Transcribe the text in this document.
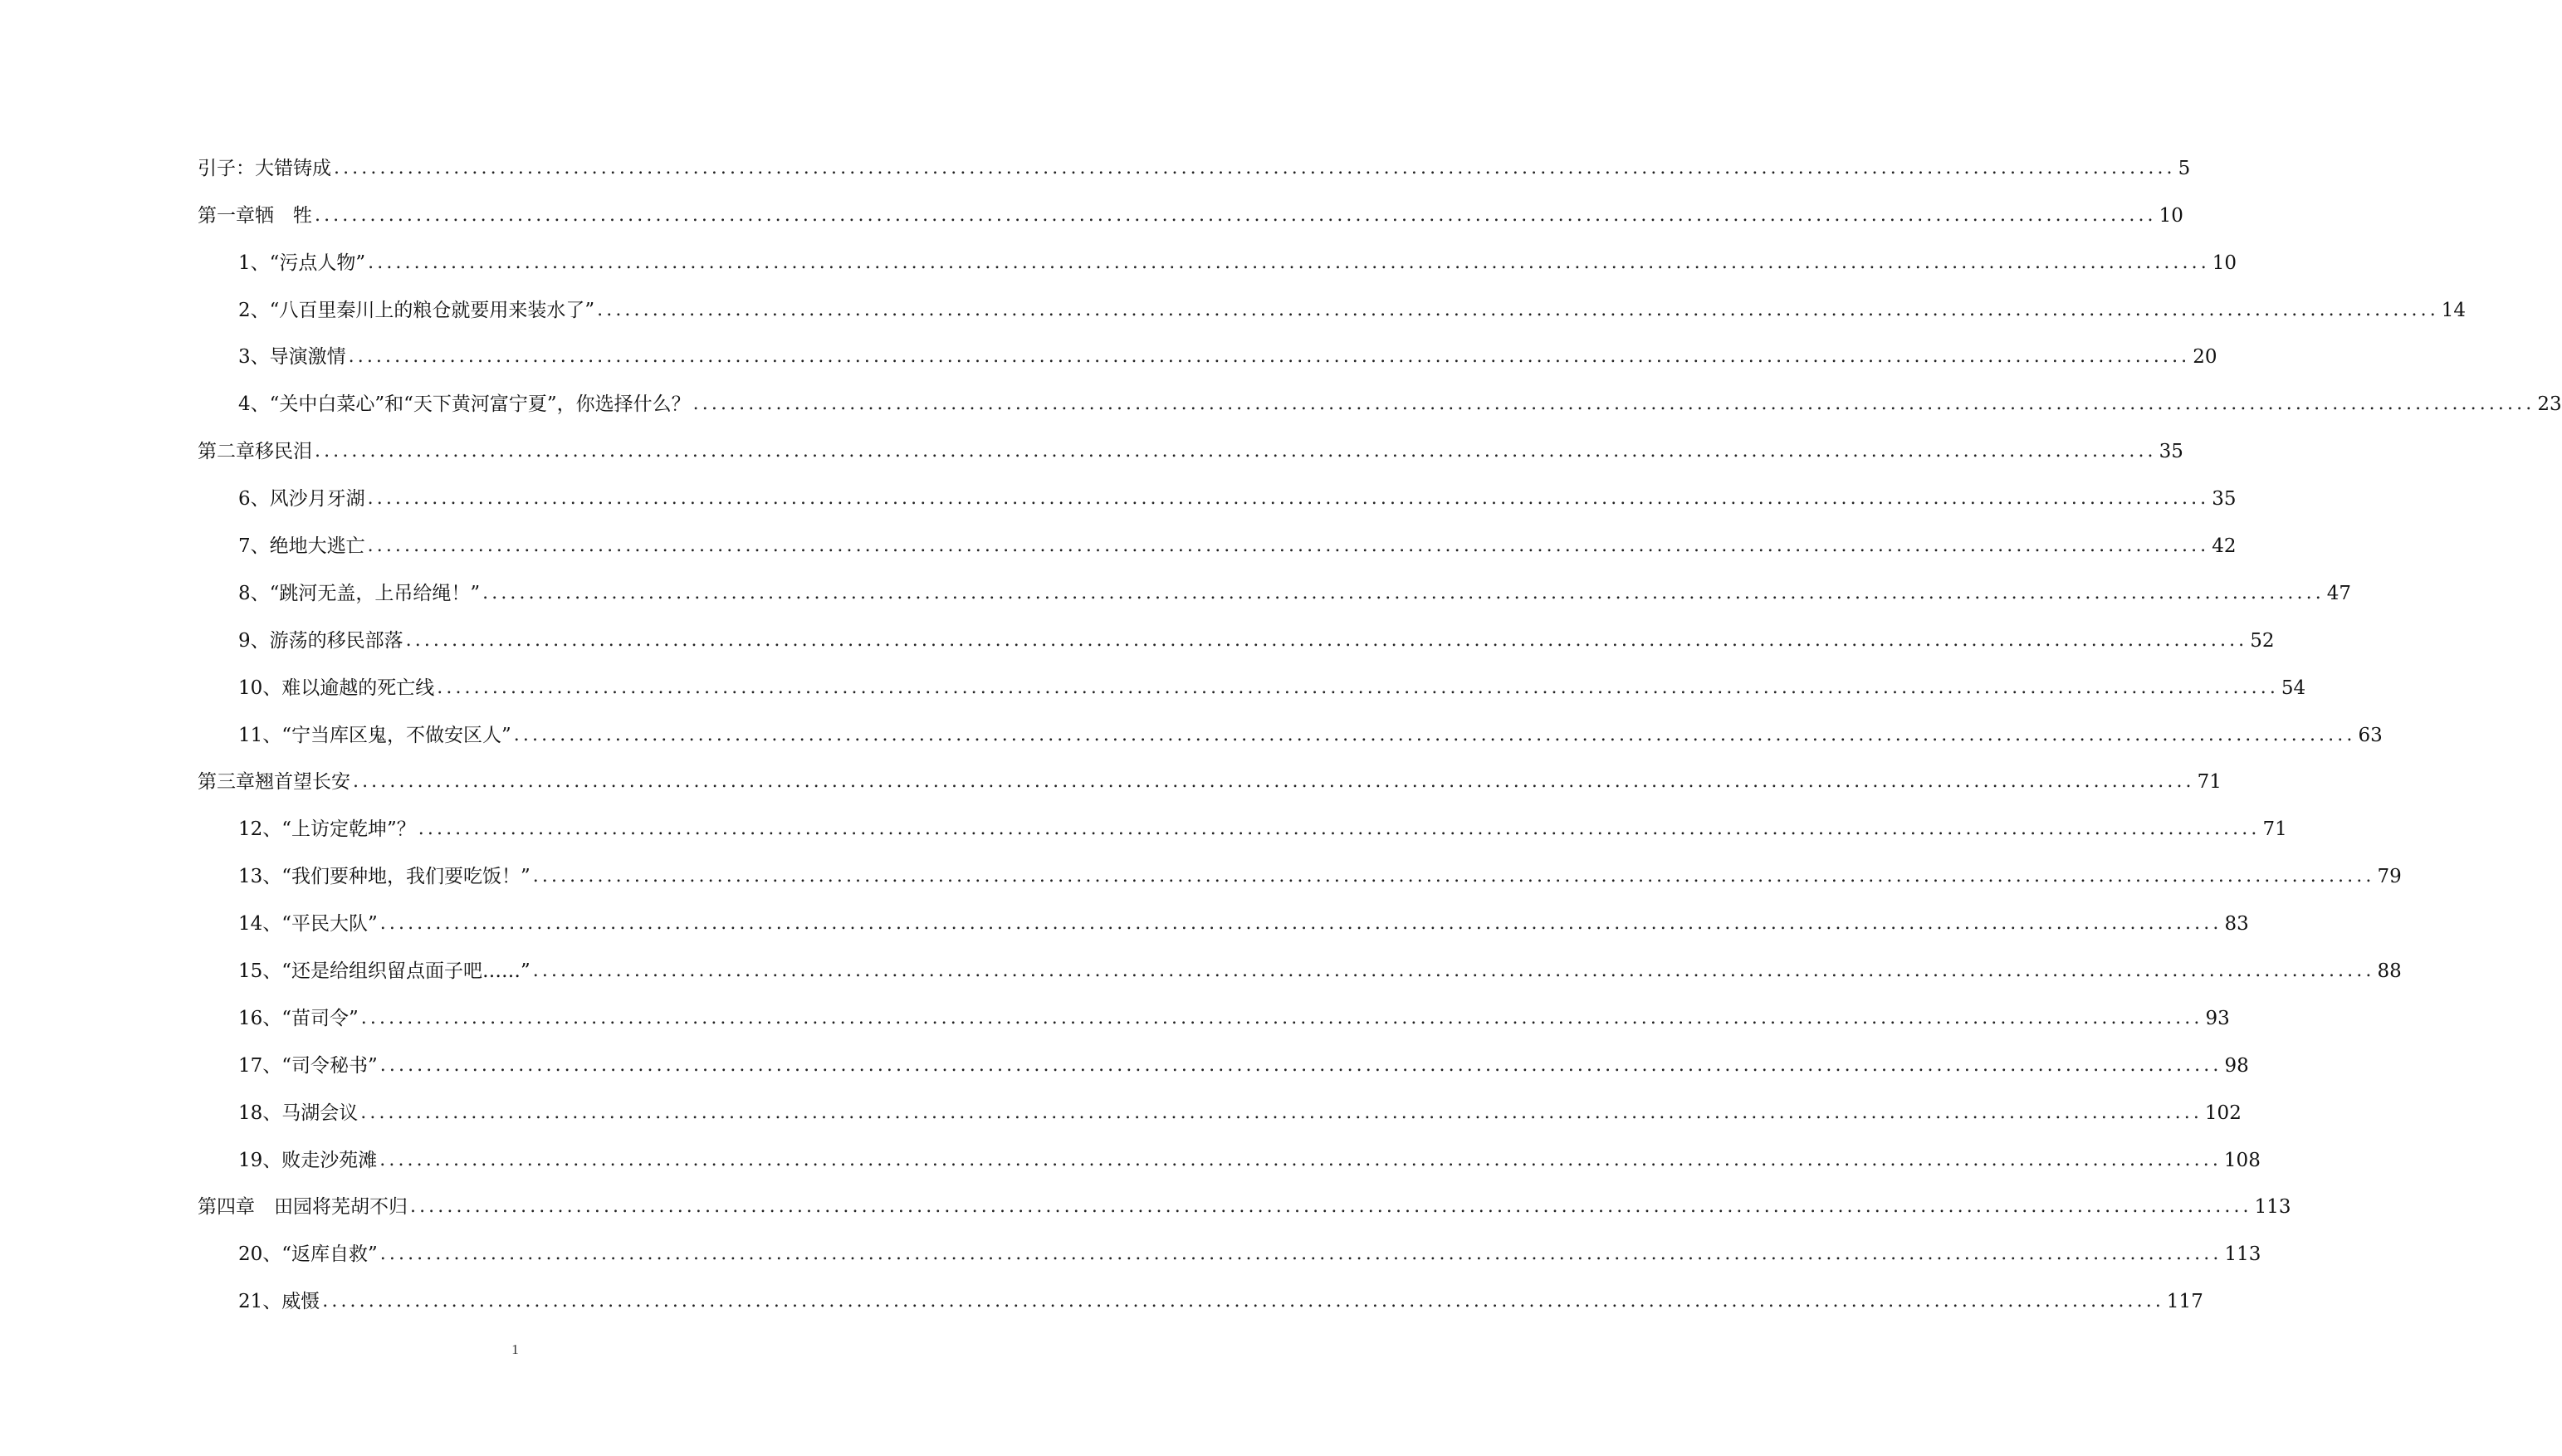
引子：大错铸成 ........................................................................................................................................................................................................ 5
第一章牺　牲 ........................................................................................................................................................................................................ 10
1、“污点人物” ........................................................................................................................................................................................................ 10
2、“八百里秦川上的粮仓就要用来装水了” ........................................................................................................................................................................................................ 14
3、导演激情 ........................................................................................................................................................................................................ 20
4、“关中白菜心”和“天下黄河富宁夏”，你选择什么？ ........................................................................................................................................................................................................ 23
第二章移民泪 ........................................................................................................................................................................................................ 35
6、风沙月牙湖 ........................................................................................................................................................................................................ 35
7、绝地大逃亡 ........................................................................................................................................................................................................ 42
8、“跳河无盖，上吊给绳！” ........................................................................................................................................................................................................ 47
9、游荡的移民部落 ........................................................................................................................................................................................................ 52
10、难以逾越的死亡线 ........................................................................................................................................................................................................ 54
11、“宁当库区鬼，不做安区人” ........................................................................................................................................................................................................ 63
第三章翘首望长安 ........................................................................................................................................................................................................ 71
12、“上访定乾坤”？ ........................................................................................................................................................................................................ 71
13、“我们要种地，我们要吃饭！” ........................................................................................................................................................................................................ 79
14、“平民大队” ........................................................................................................................................................................................................ 83
15、“还是给组织留点面子吧……” ........................................................................................................................................................................................................ 88
16、“苗司令” ........................................................................................................................................................................................................ 93
17、“司令秘书” ........................................................................................................................................................................................................ 98
18、马湖会议 ........................................................................................................................................................................................................ 102
19、败走沙苑滩 ........................................................................................................................................................................................................ 108
第四章　田园将芜胡不归 ........................................................................................................................................................................................................ 113
20、“返库自救” ........................................................................................................................................................................................................ 113
21、威慑 ........................................................................................................................................................................................................ 117
1
